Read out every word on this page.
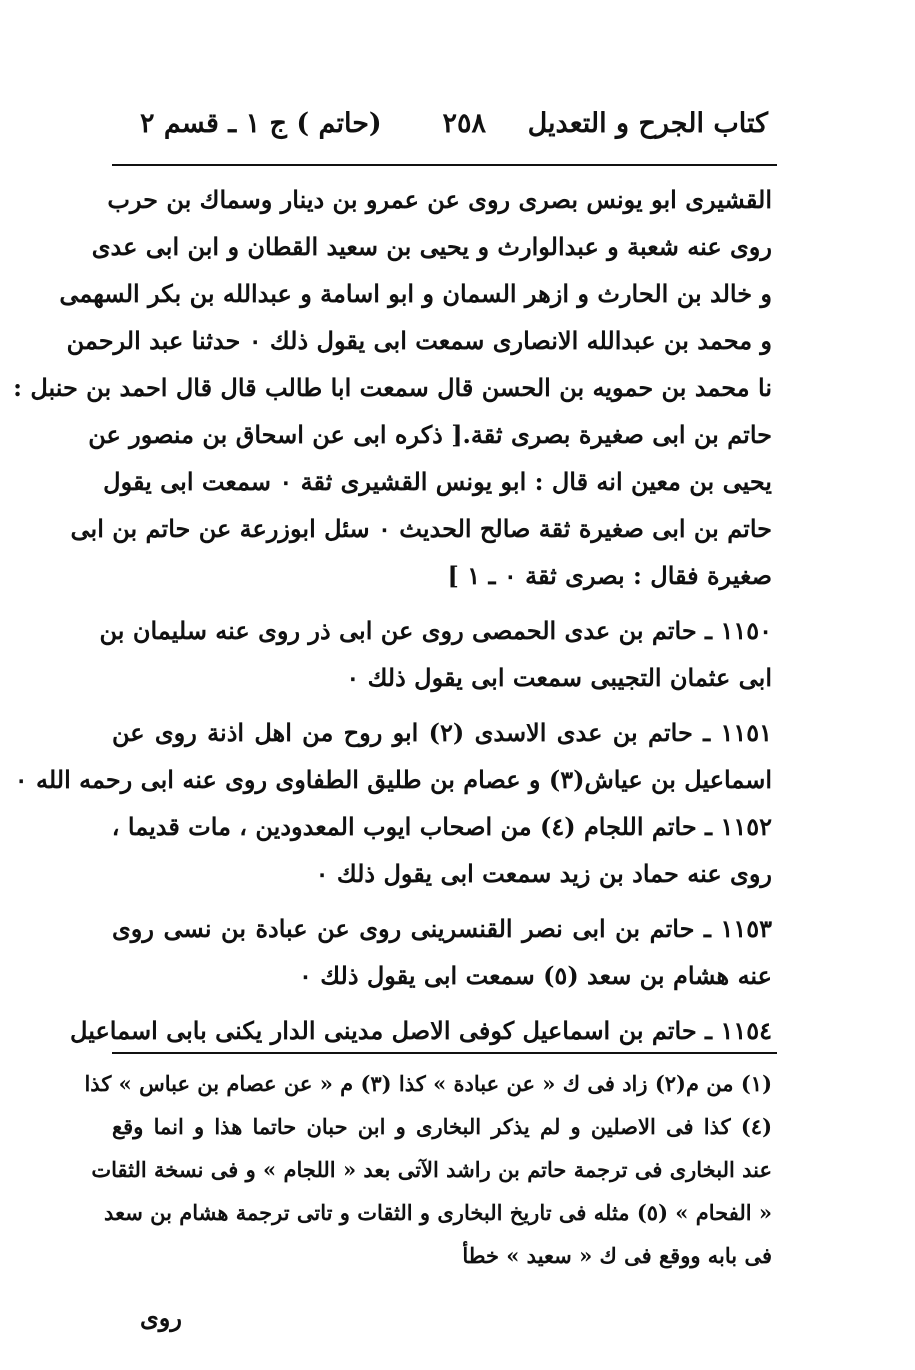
كتاب الجرح و التعديل
٢٥٨
(حاتم ) ج ١ ـ قسم ٢
القشيرى ابو يونس بصرى روى عن عمرو بن دينار وسماك بن حرب
روى عنه شعبة و عبدالوارث و يحيى بن سعيد القطان و ابن ابى عدى
و خالد بن الحارث و ازهر السمان و ابو اسامة و عبدالله بن بكر السهمى
و محمد بن عبدالله الانصارى سمعت ابى يقول ذلك ٠ حدثنا عبد الرحمن
نا محمد بن حمويه بن الحسن قال سمعت ابا طالب قال قال احمد بن حنبل :
حاتم بن ابى صغيرة بصرى ثقة.[ ذكره ابى عن اسحاق بن منصور عن
يحيى بن معين انه قال : ابو يونس القشيرى ثقة ٠ سمعت ابى يقول
حاتم بن ابى صغيرة ثقة صالح الحديث ٠ سئل ابوزرعة عن حاتم بن ابى
صغيرة فقال : بصرى ثقة ٠ ـ ١ ]
١١٥٠ ـ حاتم بن عدى الحمصى روى عن ابى ذر روى عنه سليمان بن
ابى عثمان التجيبى سمعت ابى يقول ذلك ٠
١١٥١ ـ حاتم بن عدى الاسدى (٢) ابو روح من اهل اذنة روى عن
اسماعيل بن عياش(٣) و عصام بن طليق الطفاوى روى عنه ابى رحمه الله ٠
١١٥٢ ـ حاتم اللجام (٤) من اصحاب ايوب المعدودين ، مات قديما ،
روى عنه حماد بن زيد سمعت ابى يقول ذلك ٠
١١٥٣ ـ حاتم بن ابى نصر القنسرينى روى عن عبادة بن نسى روى
عنه هشام بن سعد (٥) سمعت ابى يقول ذلك ٠
١١٥٤ ـ حاتم بن اسماعيل كوفى الاصل مدينى الدار يكنى بابى اسماعيل
(١) من م(٢) زاد فى ك « عن عبادة » كذا (٣) م « عن عصام بن عباس » كذا
(٤) كذا فى الاصلين و لم يذكر البخارى و ابن حبان حاتما هذا و انما وقع
عند البخارى فى ترجمة حاتم بن راشد الآتى بعد « اللجام » و فى نسخة الثقات
« الفحام » (٥) مثله فى تاريخ البخارى و الثقات و تاتى ترجمة هشام بن سعد
فى بابه ووقع فى ك « سعيد » خطأ
روى
